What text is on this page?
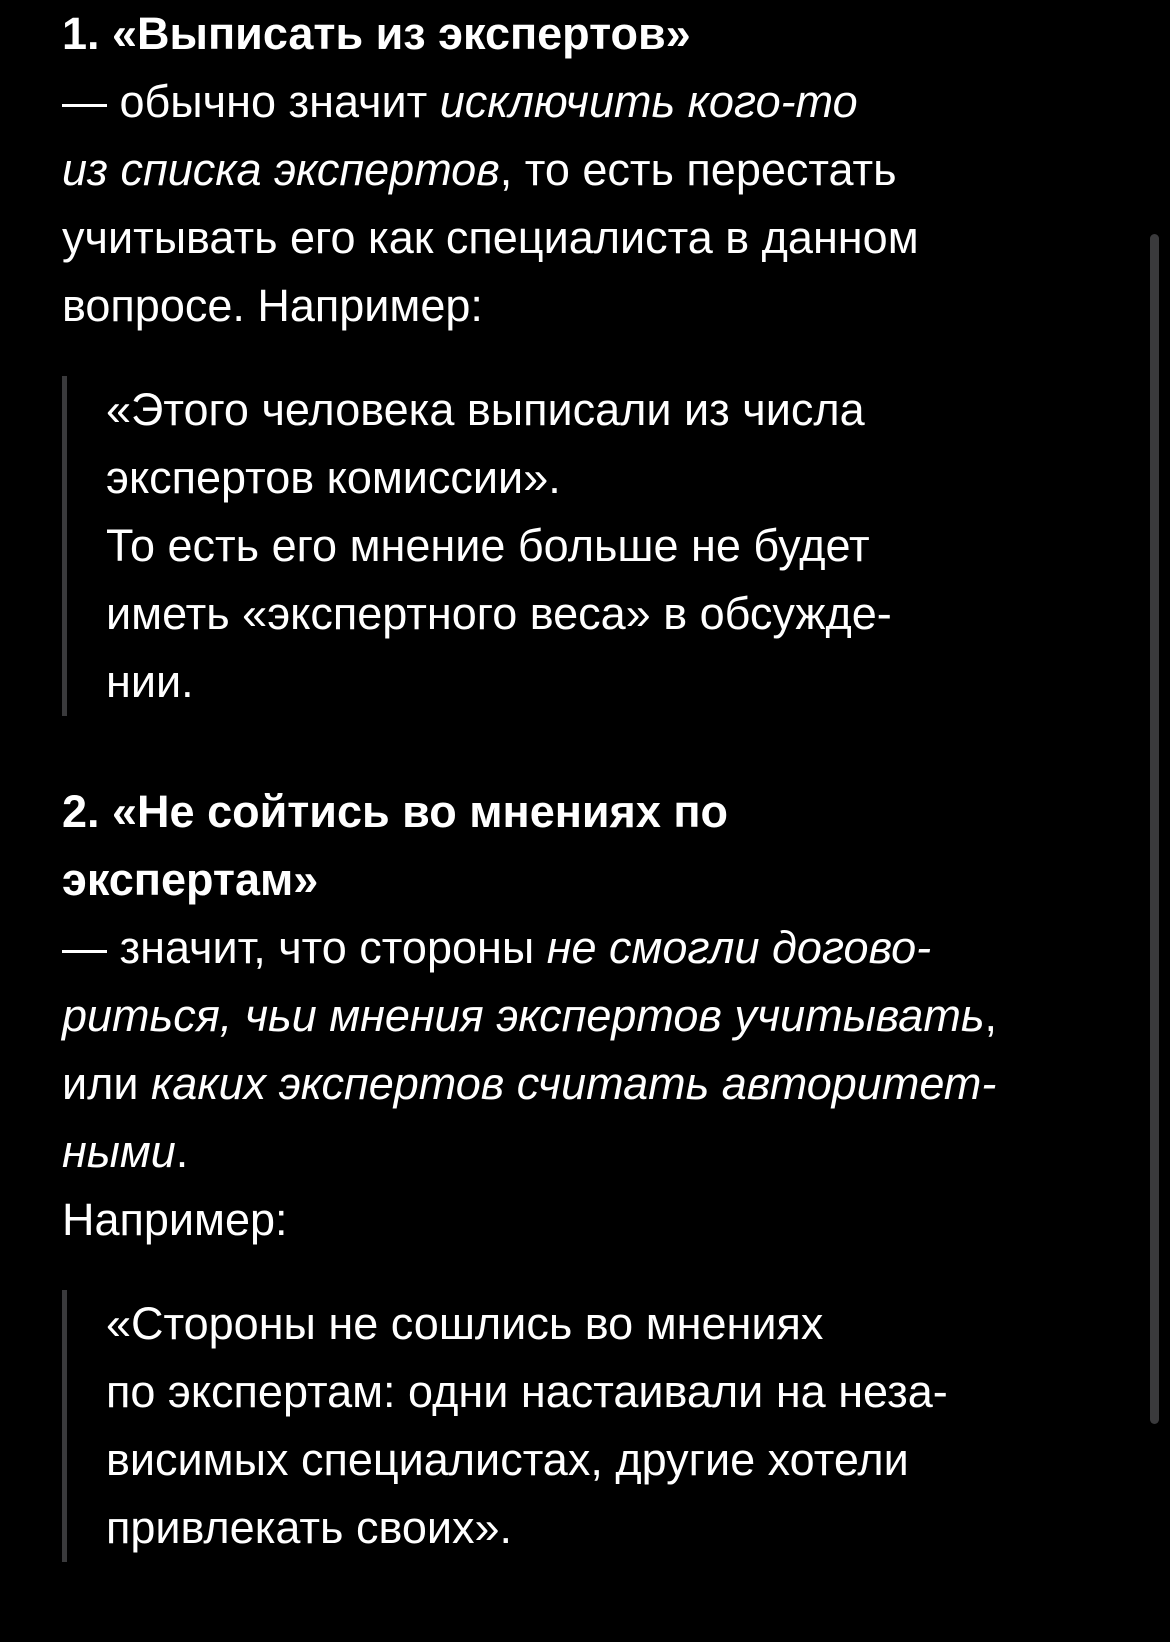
1. «Выписать из экспертов»
— обычно значит исключить кого-то
из списка экспертов, то есть перестать
учитывать его как специалиста в данном
вопросе. Например:
«Этого человека выписали из числа
экспертов комиссии».
То есть его мнение больше не будет
иметь «экспертного веса» в обсужде-
нии.
2. «Не сойтись во мнениях по
экспертам»
— значит, что стороны не смогли догово-
риться, чьи мнения экспертов учитывать,
или каких экспертов считать авторитет-
ными.
Например:
«Стороны не сошлись во мнениях
по экспертам: одни настаивали на неза-
висимых специалистах, другие хотели
привлекать своих».
